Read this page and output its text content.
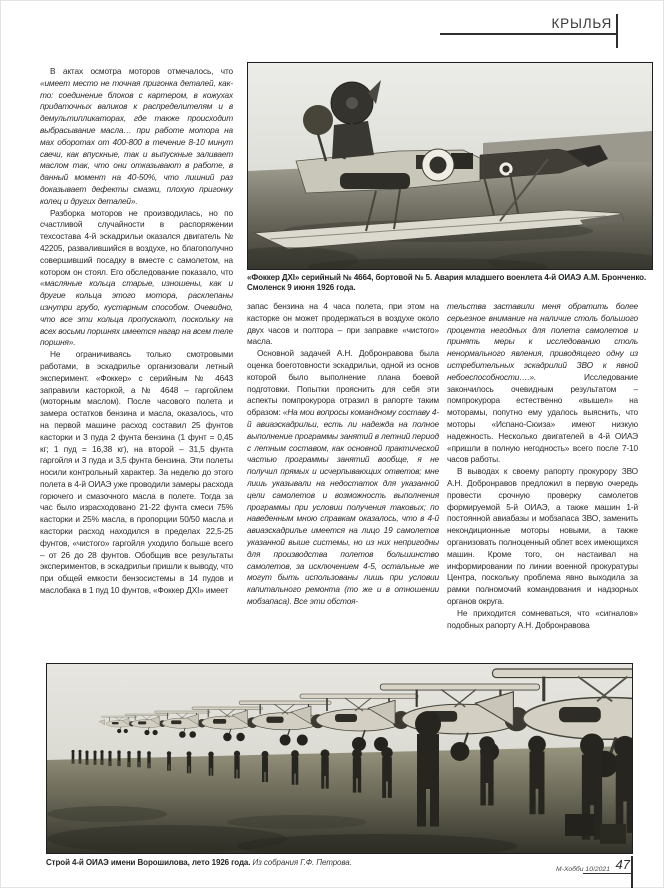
КРЫЛЬЯ

В актах осмотра моторов отмечалось, что «имеет место не точная пригонка деталей, как-то: соединение блоков с картером, в кожухах придаточных валиков к распределителям и в демультипликаторах, где также происходит выбрасывание масла… при работе мотора на мах оборотах от 400-800 в течение 8-10 минут свечи, как впускные, так и выпускные заливает маслом так, что они отказывают в работе, в данный момент на 40-50%, что лишний раз доказывает дефекты смазки, плохую пригонку колец и других деталей».

Разборка моторов не производилась, но по счастливой случайности в распоряжении техсостава 4-й эскадрильи оказался двигатель № 42205, развалившийся в воздухе, но благополучно совершивший посадку в вместе с самолетом, на котором он стоял. Его обследование показало, что «масляные кольца старые, изношены, как и другие кольца этого мотора, расклепаны изнутри грубо, кустарным способом. Очевидно, что все эти кольца пропускают, поскольку на всех восьми поршнях имеется нагар на всем теле поршня».

Не ограничиваясь только смотровыми работами, в эскадрилье организовали летный эксперимент. «Фоккер» с серийным № 4643 заправили касторкой, а № 4648 – гаргойлем (моторным маслом). После часового полета и замера остатков бензина и масла, оказалось, что на первой машине расход составил 25 фунтов касторки и 3 пуда 2 фунта бензина (1 фунт = 0,45 кг; 1 пуд = 16,38 кг), на второй – 31,5 фунта гаргойля и 3 пуда и 3,5 фунта бензина. Эти полеты носили контрольный характер. За неделю до этого полета в 4-й ОИАЭ уже проводили замеры расхода горючего и смазочного масла в полете. Тогда за час было израсходовано 21-22 фунта смеси 75% касторки и 25% масла, в пропорции 50/50 масла и касторки расход находился в пределах 22,5-25 фунтов, «чистого» гаргойля уходило больше всего – от 26 до 28 фунтов. Обобщив все результаты экспериментов, в эскадрильи пришли к выводу, что при общей емкости бензосистемы в 14 пудов и маслобака в 1 пуд 10 фунтов, «Фоккер ДХI» имеет

«Фоккер ДХI» серийный № 4664, бортовой № 5. Авария младшего военлета 4-й ОИАЭ А.М. Бронченко. Смоленск 9 июня 1926 года.

запас бензина на 4 часа полета, при этом на касторке он может продержаться в воздухе около двух часов и полтора – при заправке «чистого» масла.

Основной задачей А.Н. Добронравова была оценка боеготовности эскадрильи, одной из основ которой было выполнение плана боевой подготовки. Попытки прояснить для себя эти аспекты помпрокурора отразил в рапорте таким образом: «На мои вопросы командному составу 4-й авиаэскадрильи, есть ли надежда на полное выполнение программы занятий в летний период с летным составом, как основной практической частью программы занятий вообще, я не получил прямых и исчерпывающих ответов; мне лишь указывали на недостаток для указанной цели самолетов и возможность выполнения программы при условии получения таковых; по наведенным мною справкам оказалось, что в 4-й авиаэскадрилье имеется на лицо 19 самолетов указанной выше системы, но из них непригодны для производства полетов большинство самолетов, за исключением 4-5, остальные же могут быть использованы лишь при условии капитального ремонта (то же и в отношении мобзапаса). Все эти обстоя-

тельства заставили меня обратить более серьезное внимание на наличие столь большого процента негодных для полета самолетов и принять меры к исследованию столь ненормального явления, приводящего одну из истребительных эскадрилий ЗВО к явной небоеспособности….». Исследование закончилось очевидным результатом – помпрокурора естественно «вышел» на моторамы, попутно ему удалось выяснить, что моторы «Испано-Сюиза» имеют низкую надежность. Несколько двигателей в 4-й ОИАЭ «пришли в полную негодность» всего после 7-10 часов работы.

В выводах к своему рапорту прокурору ЗВО А.Н. Добронравов предложил в первую очередь провести срочную проверку самолетов формируемой 5-й ОИАЭ, а также машин 1-й постоянной авиабазы и мобзапаса ЗВО, заменить некондиционные моторы новыми, а также организовать полноценный облет всех имеющихся машин. Кроме того, он настаивал на информировании по линии военной прокуратуры Центра, поскольку проблема явно выходила за рамки полномочий командования и надзорных органов округа.

Не приходится сомневаться, что «сигналов» подобных рапорту А.Н. Добронравова

Строй 4-й ОИАЭ имени Ворошилова, лето 1926 года. Из собрания Г.Ф. Петрова.
М-Хобби 10/2021 47
